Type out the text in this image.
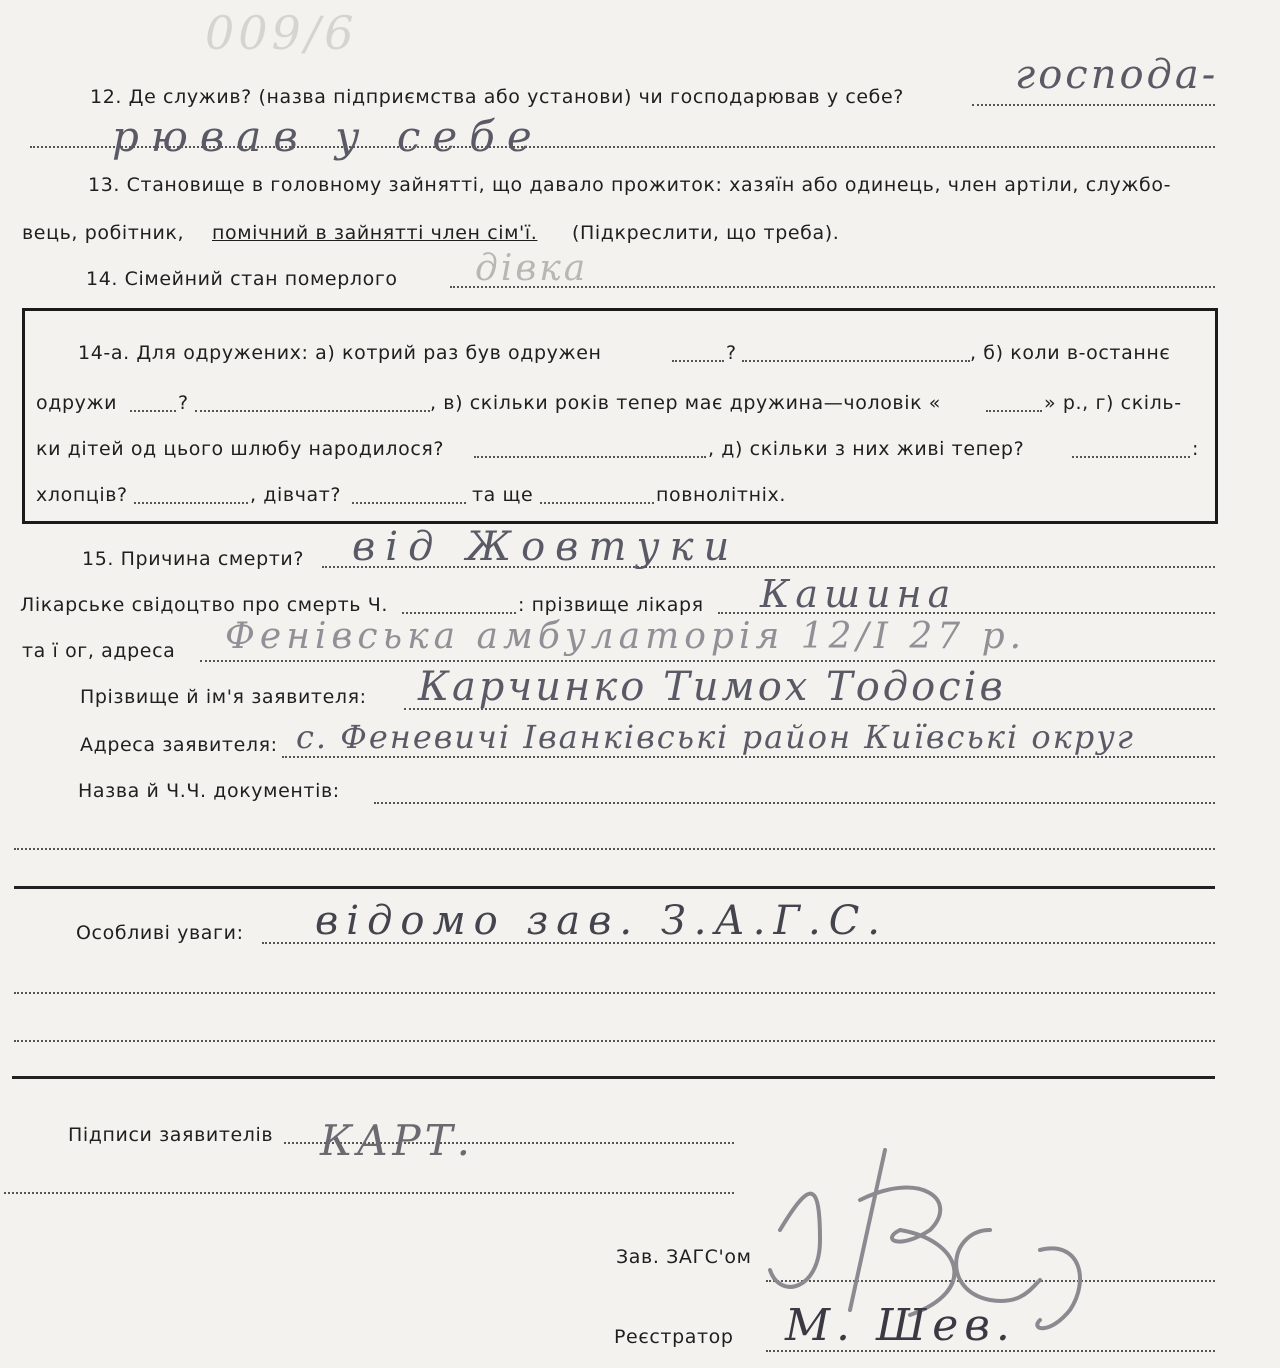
009/6
12. Де служив? (назва підприємства або установи) чи господарював у себе?	господа-
рював у себе
13. Становище в головному зайнятті, що давало прожиток: хазяїн або одинець, член артіли, службо-
вець, робітник, помічний в зайнятті член сім'ї. (Підкреслити, що треба).
14. Сімейний стан померлого дівка
14-а. Для одружених: а) котрий раз був одружен	?	, б) коли в-останнє
одружи	?	, в) скільки років тепер має дружина—чоловік «	» р., г) скіль-
ки дітей од цього шлюбу народилося?	, д) скільки з них живі тепер?	:
хлопців?	, дівчат?	та ще	повнолітніх.
15. Причина смерти? від Жовтуки
Лікарське свідоцтво про смерть Ч.	: прізвище лікаря Кашина
та ї ог, адреса Фенівська амбулаторія 12/І 27 р.
Прізвище й ім'я заявителя: Карчинко Тимох Тодосів
Адреса заявителя: с. Феневичі Іванківські район Київські округ
Назва й Ч.Ч. документів:
Особливі уваги: відомо зав. З.А.Г.С.
Підписи заявителів КАРТ.
Зав. ЗАГС'ом
Реєстратор М. Шев.
